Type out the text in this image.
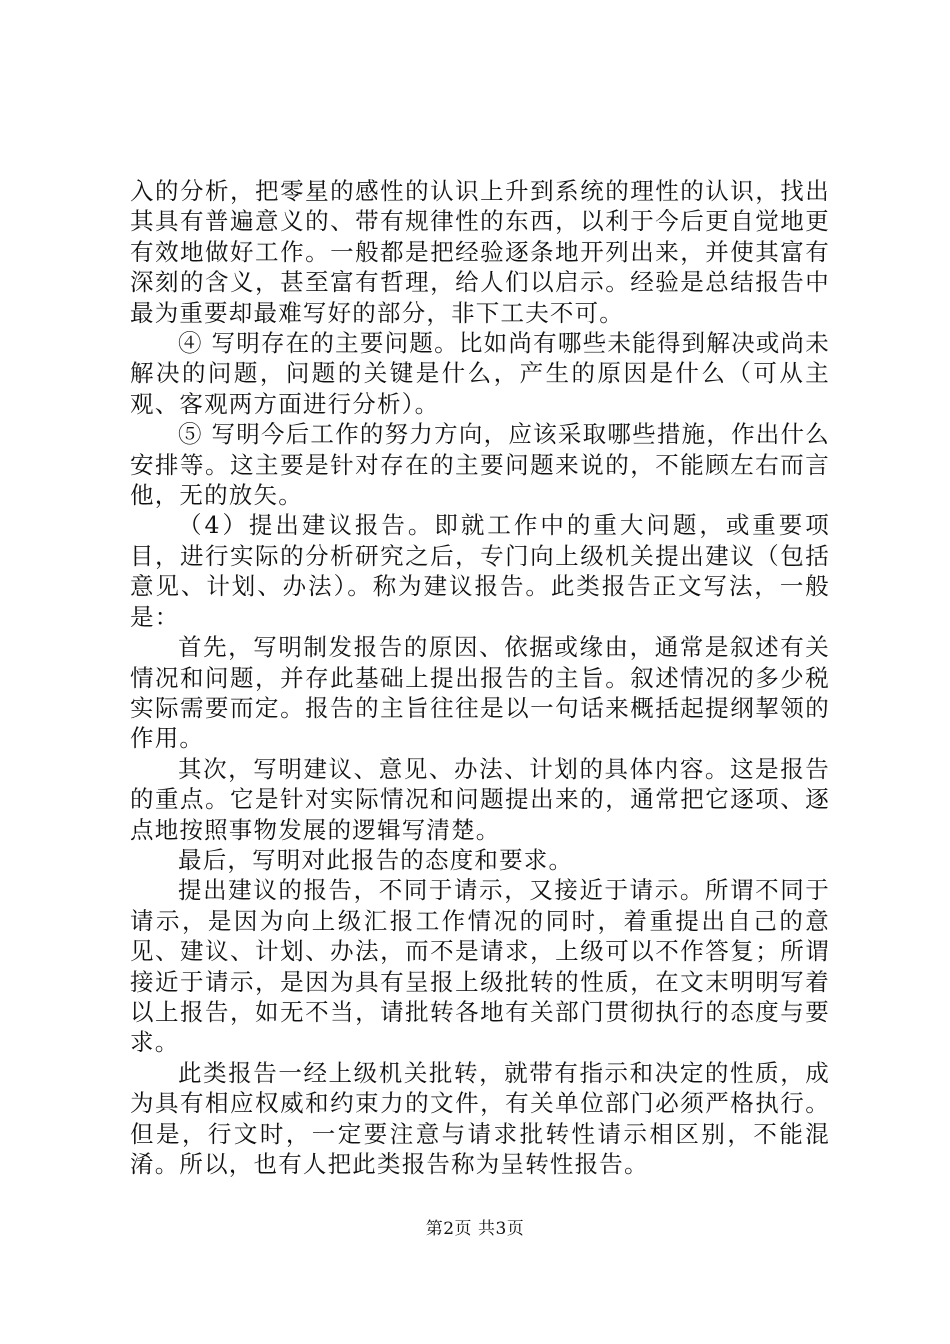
入的分析，把零星的感性的认识上升到系统的理性的认识，找出其具有普遍意义的、带有规律性的东西，以利于今后更自觉地更有效地做好工作。一般都是把经验逐条地开列出来，并使其富有深刻的含义，甚至富有哲理，给人们以启示。经验是总结报告中最为重要却最难写好的部分，非下工夫不可。

④ 写明存在的主要问题。比如尚有哪些未能得到解决或尚未解决的问题，问题的关键是什么，产生的原因是什么（可从主观、客观两方面进行分析）。

⑤ 写明今后工作的努力方向，应该采取哪些措施，作出什么安排等。这主要是针对存在的主要问题来说的，不能顾左右而言他，无的放矢。

（4）提出建议报告。即就工作中的重大问题，或重要项目，进行实际的分析研究之后，专门向上级机关提出建议（包括意见、计划、办法）。称为建议报告。此类报告正文写法，一般是：

首先，写明制发报告的原因、依据或缘由，通常是叙述有关情况和问题，并存此基础上提出报告的主旨。叙述情况的多少税实际需要而定。报告的主旨往往是以一句话来概括起提纲挈领的作用。

其次，写明建议、意见、办法、计划的具体内容。这是报告的重点。它是针对实际情况和问题提出来的，通常把它逐项、逐点地按照事物发展的逻辑写清楚。

最后，写明对此报告的态度和要求。

提出建议的报告，不同于请示，又接近于请示。所谓不同于请示，是因为向上级汇报工作情况的同时，着重提出自己的意见、建议、计划、办法，而不是请求，上级可以不作答复；所谓接近于请示，是因为具有呈报上级批转的性质，在文末明明写着以上报告，如无不当，请批转各地有关部门贯彻执行的态度与要求。

此类报告一经上级机关批转，就带有指示和决定的性质，成为具有相应权威和约束力的文件，有关单位部门必须严格执行。但是，行文时，一定要注意与请求批转性请示相区别，不能混淆。所以，也有人把此类报告称为呈转性报告。

第2页 共3页
